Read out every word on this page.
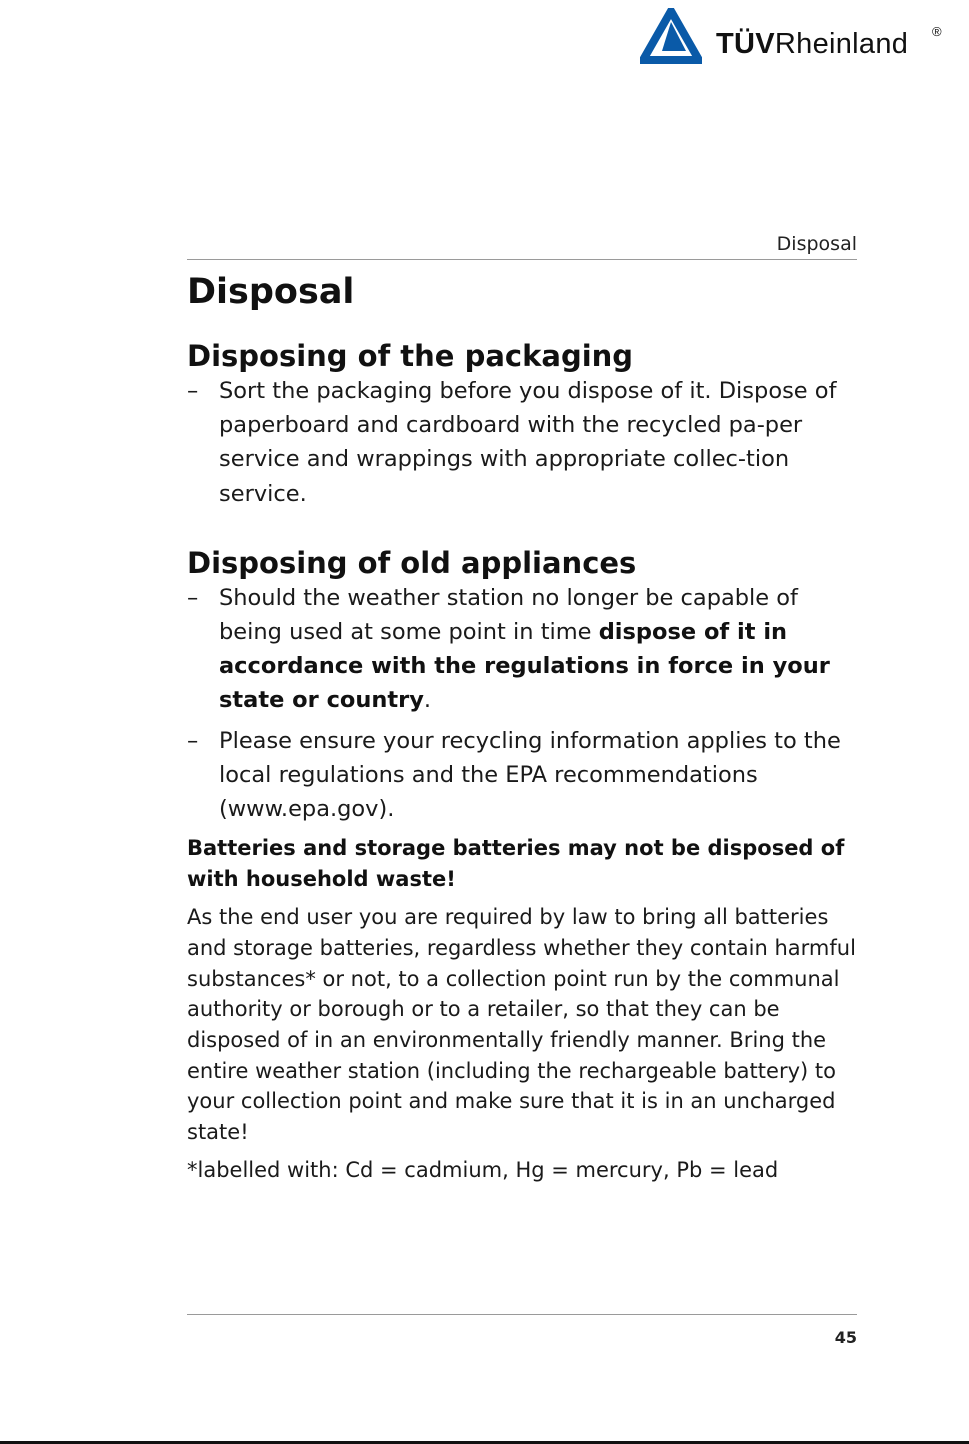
TÜVRheinland ®
Disposal
Disposal
Disposing of the packaging
– Sort the packaging before you dispose of it. Dispose of paperboard and cardboard with the recycled pa-per service and wrappings with appropriate collec-tion service.
Disposing of old appliances
– Should the weather station no longer be capable of being used at some point in time dispose of it in accordance with the regulations in force in your state or country.
– Please ensure your recycling information applies to the local regulations and the EPA recommendations (www.epa.gov).

Batteries and storage batteries may not be disposed of with household waste!

As the end user you are required by law to bring all batteries and storage batteries, regardless whether they contain harmful substances* or not, to a collection point run by the communal authority or borough or to a retailer, so that they can be disposed of in an environmentally friendly manner. Bring the entire weather station (including the rechargeable battery) to your collection point and make sure that it is in an uncharged state!

*labelled with: Cd = cadmium, Hg = mercury, Pb = lead

45
